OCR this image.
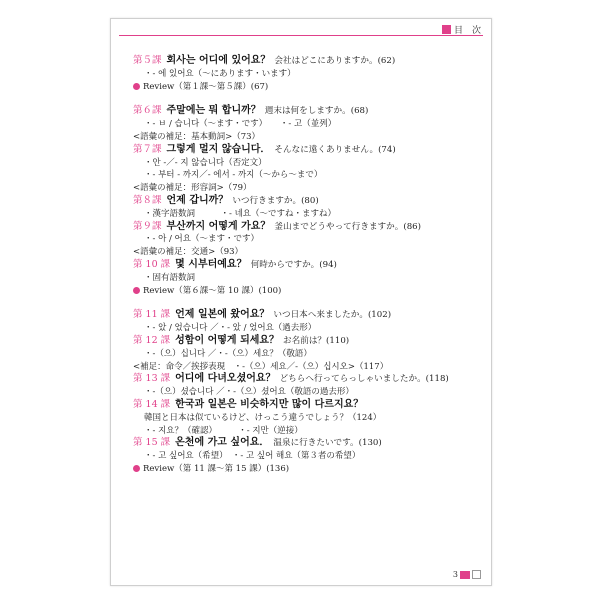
目　次
第５課 회사는 어디에 있어요？ 会社はどこにありますか。(62)
・- 에 있어요（〜にあります・います）
Review（第１課〜第５課）(67)
第６課 주말에는 뭐 합니까？ 週末は何をしますか。(68)
・- ㅂ / 습니다（〜ます・です）　　・- 고（並列）
<語彙の補足：基本動詞>（73）
第７課 그렇게 멀지 않습니다． そんなに遠くありません。(74)
・안 -／- 지 않습니다（否定文）
・- 부터 - 까지／- 에서 - 까지（〜から〜まで）
<語彙の補足：形容詞>（79）
第８課 언제 갑니까？ いつ行きますか。(80)
・漢字語数詞　　　・- 네요（〜ですね・ますね）
第９課 부산까지 어떻게 가요？ 釜山までどうやって行きますか。(86)
・- 아 / 어요（〜ます・です）
<語彙の補足：交通>（93）
第 10 課 몇 시부터예요？ 何時からですか。(94)
・固有語数詞
Review（第６課〜第 10 課）(100)
第 11 課 언제 일본에 왔어요？ いつ日本へ来ましたか。(102)
・- 았 / 었습니다 ／・- 았 / 었어요（過去形）
第 12 課 성함이 어떻게 되세요？ お名前は？(110)
・-（으）십니다 ／・-（으）세요？（敬語）
<補足：命令／挨拶表現　・-（으）세요／-（으）십시오>（117）
第 13 課 어디에 다녀오셨어요？ どちらへ行ってらっしゃいましたか。(118)
・-（으）셨습니다 ／・-（으）셨어요（敬語の過去形）
第 14 課 한국과 일본은 비슷하지만 많이 다르지요？
韓国と日本は似ているけど、けっこう違うでしょう？（124）
・- 지요？（確認）　　　・- 지만（逆接）
第 15 課 온천에 가고 싶어요． 温泉に行きたいです。(130)
・- 고 싶어요（希望）　・- 고 싶어 해요（第３者の希望）
Review（第 11 課〜第 15 課）(136)
3
